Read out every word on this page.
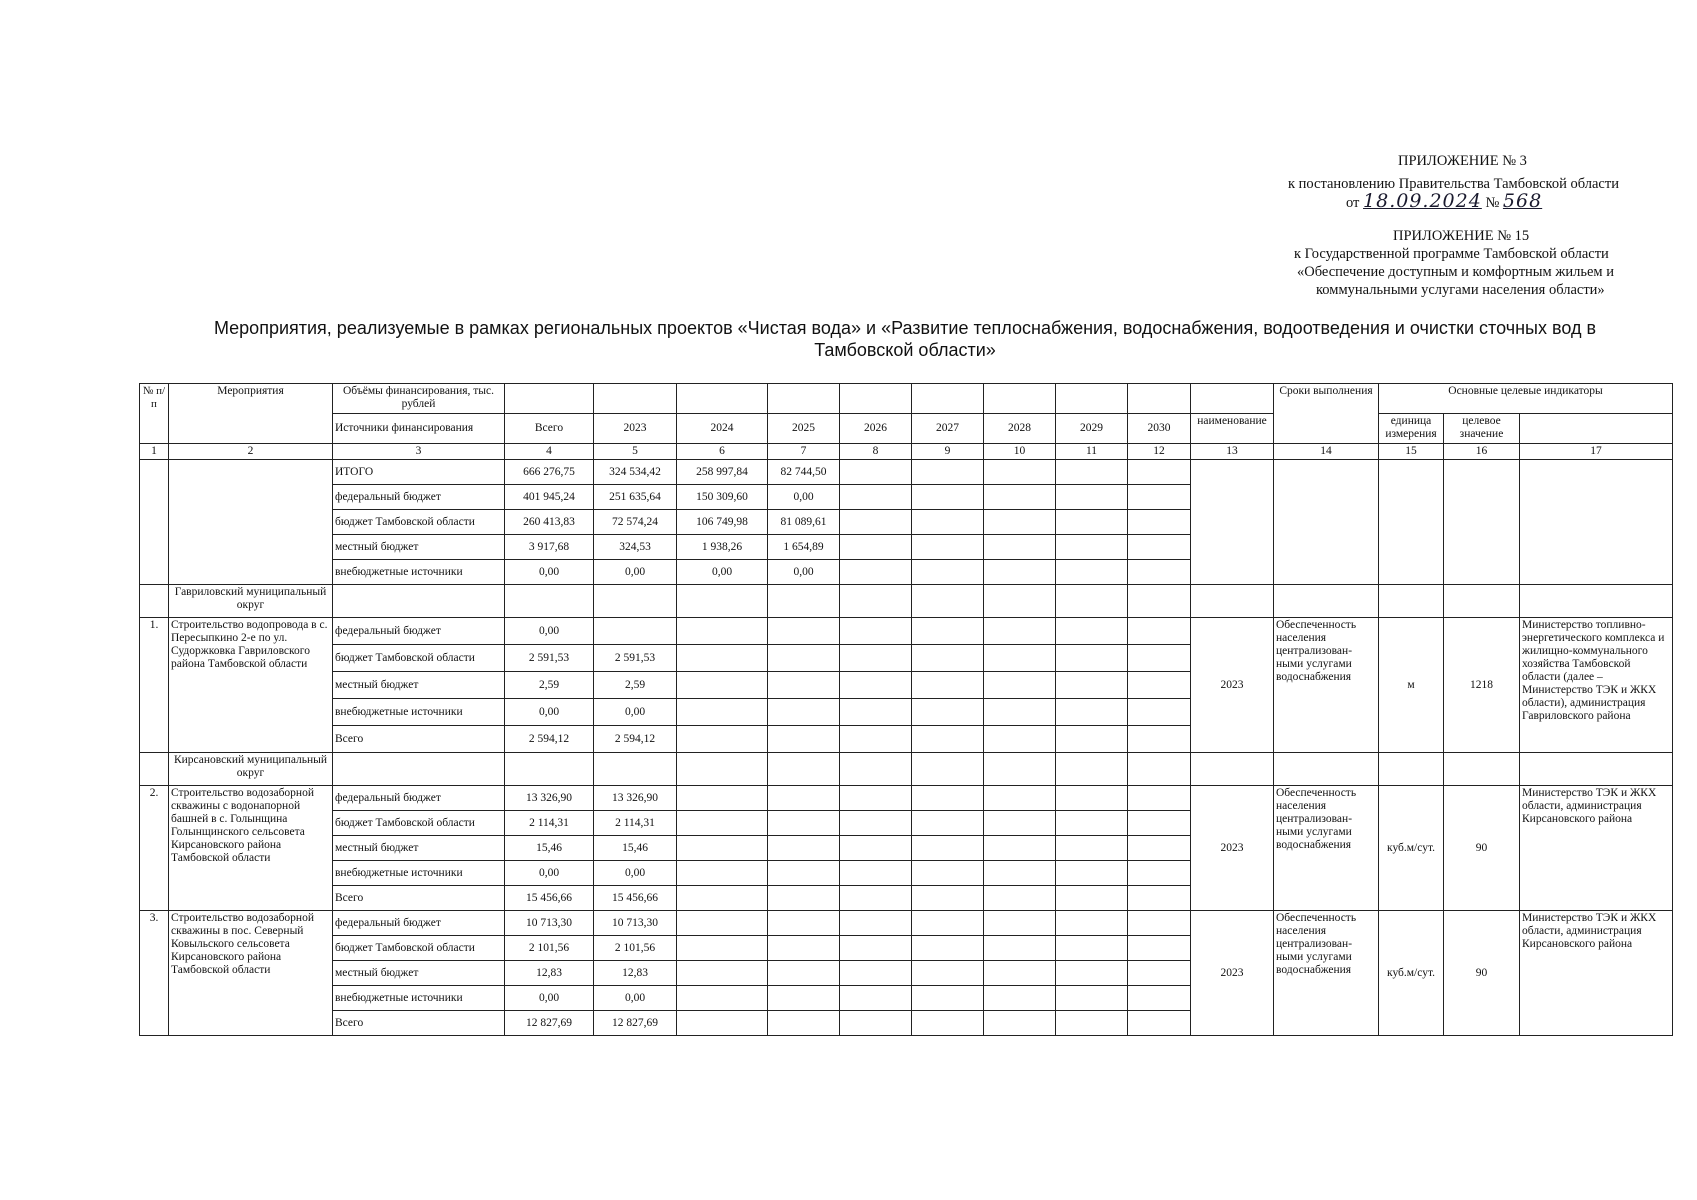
ПРИЛОЖЕНИЕ № 3
к постановлению Правительства Тамбовской области
от 18.09.2024 № 568
ПРИЛОЖЕНИЕ № 15
к Государственной программе Тамбовской области
«Обеспечение доступным и комфортным жильем и
коммунальными услугами населения области»
Мероприятия, реализуемые в рамках региональных проектов «Чистая вода» и «Развитие теплоснабжения, водоснабжения, водоотведения и очистки сточных вод в
Тамбовской области»
№ п/п	Мероприятия	Объёмы финансирования, тыс. рублей											Сроки выполнения	Основные целевые индикаторы	
		Источники финансирования	Всего	2023	2024	2025	2026	2027	2028	2029	2030	наименование		единица измерения	целевое значение		
1	2	3	4	5	6	7	8	9	10	11	12	13	14	15	16	17	
		ИТОГО	666 276,75	324 534,42	258 997,84	82 744,50											
		федеральный бюджет	401 945,24	251 635,64	150 309,60	0,00											
		бюджет Тамбовской области	260 413,83	72 574,24	106 749,98	81 089,61											
		местный бюджет	3 917,68	324,53	1 938,26	1 654,89											
		внебюджетные источники	0,00	0,00	0,00	0,00											
	Гавриловский муниципальный округ																
1.	Строительство водопровода в с. Пересыпкино 2-е по ул. Судоржковка Гавриловского района Тамбовской области	федеральный бюджет	0,00									2023	Обеспеченность населения централизован-ными услугами водоснабжения	м	1218	Министерство топливно-энергетического комплекса и жилищно-коммунального хозяйства Тамбовской области (далее – Министерство ТЭК и ЖКХ области), администрация Гавриловского района	
		бюджет Тамбовской области	2 591,53	2 591,53													
		местный бюджет	2,59	2,59													
		внебюджетные источники	0,00	0,00													
		Всего	2 594,12	2 594,12													
	Кирсановский муниципальный округ																
2.	Строительство водозаборной скважины с водонапорной башней в с. Голынщина Голынщинского сельсовета Кирсановского района Тамбовской области	федеральный бюджет	13 326,90	13 326,90								2023	Обеспеченность населения централизован-ными услугами водоснабжения	куб.м/сут.	90	Министерство ТЭК и ЖКХ области, администрация Кирсановского района	
		бюджет Тамбовской области	2 114,31	2 114,31													
		местный бюджет	15,46	15,46													
		внебюджетные источники	0,00	0,00													
		Всего	15 456,66	15 456,66													
3.	Строительство водозаборной скважины в пос. Северный Ковыльского сельсовета Кирсановского района Тамбовской области	федеральный бюджет	10 713,30	10 713,30								2023	Обеспеченность населения централизован-ными услугами водоснабжения	куб.м/сут.	90	Министерство ТЭК и ЖКХ области, администрация Кирсановского района	
		бюджет Тамбовской области	2 101,56	2 101,56													
		местный бюджет	12,83	12,83													
		внебюджетные источники	0,00	0,00													
		Всего	12 827,69	12 827,69													
